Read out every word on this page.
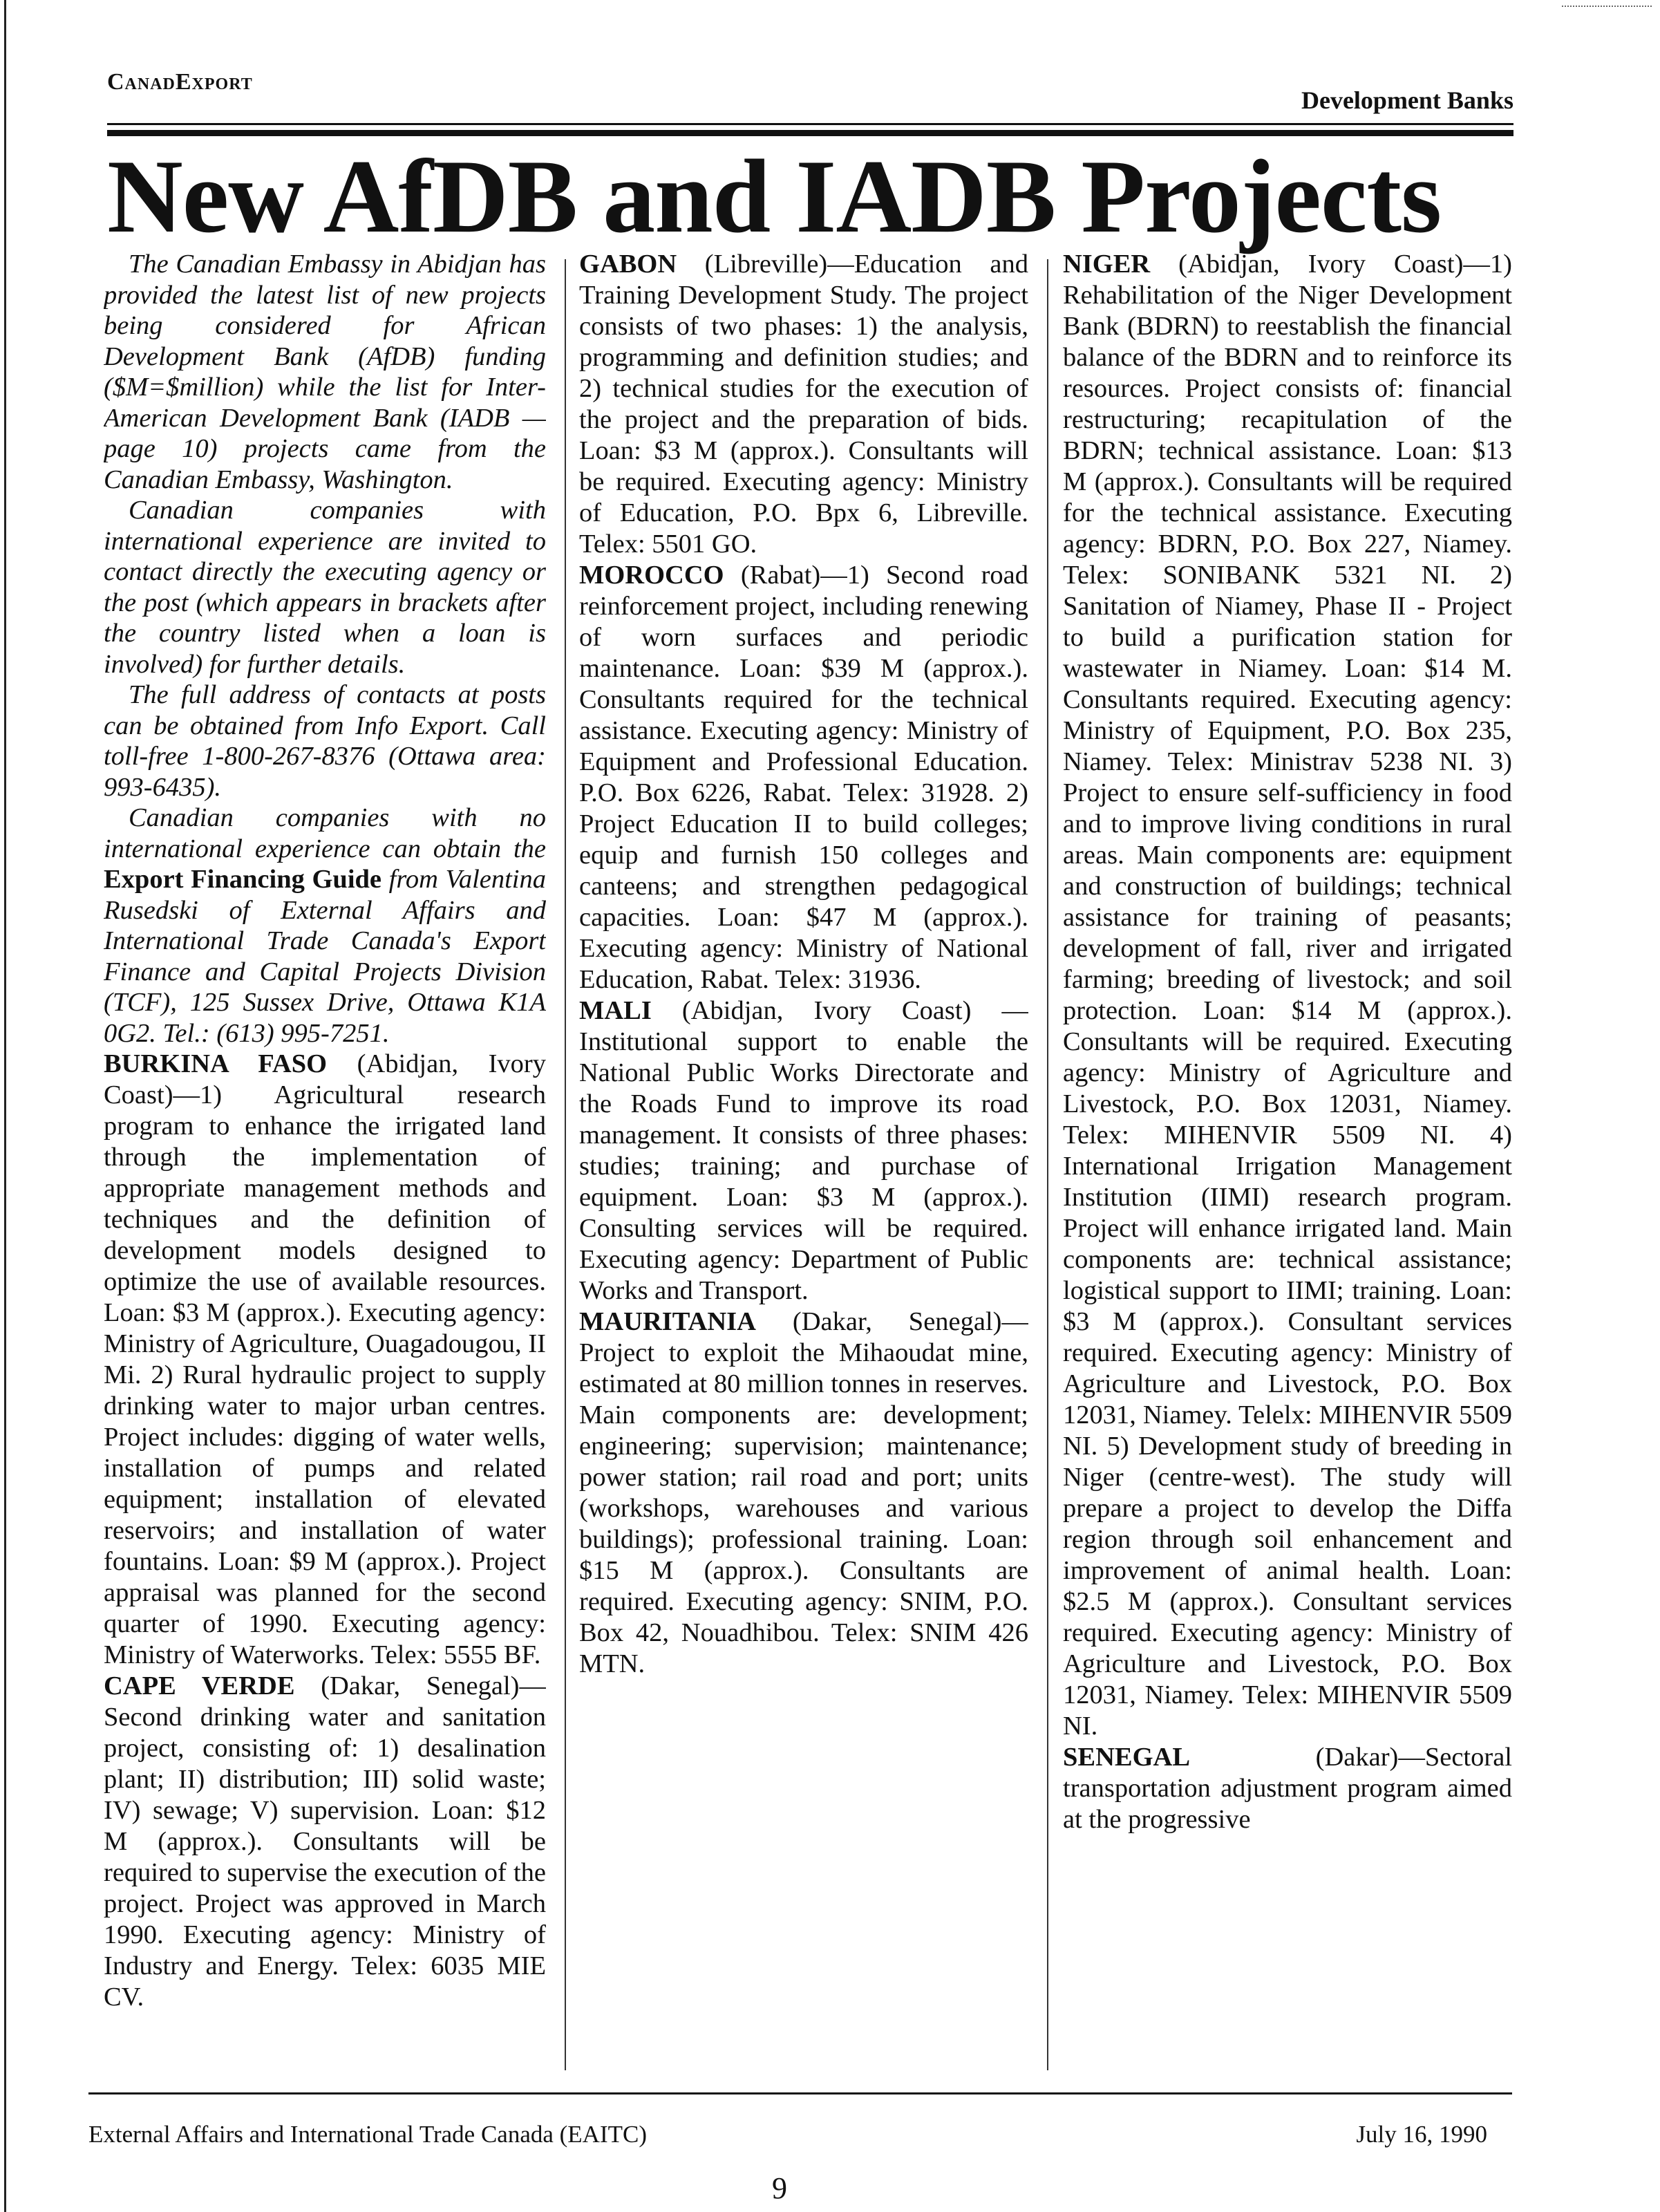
CanadExport
Development Banks
New AfDB and IADB Projects

The Canadian Embassy in Abidjan has provided the latest list of new projects being considered for African Development Bank (AfDB) funding ($M=$million) while the list for Inter-American Development Bank (IADB — page 10) projects came from the Canadian Embassy, Washington.

Canadian companies with international experience are invited to contact directly the executing agency or the post (which appears in brackets after the country listed when a loan is involved) for further details.

The full address of contacts at posts can be obtained from Info Export. Call toll-free 1-800-267-8376 (Ottawa area: 993-6435).

Canadian companies with no international experience can obtain the Export Financing Guide from Valentina Rusedski of External Affairs and International Trade Canada's Export Finance and Capital Projects Division (TCF), 125 Sussex Drive, Ottawa K1A 0G2. Tel.: (613) 995-7251.

BURKINA FASO (Abidjan, Ivory Coast)—1) Agricultural research program to enhance the irrigated land through the implementation of appropriate management methods and techniques and the definition of development models designed to optimize the use of available resources. Loan: $3 M (approx.). Executing agency: Ministry of Agriculture, Ouagadougou, II Mi. 2) Rural hydraulic project to supply drinking water to major urban centres. Project includes: digging of water wells, installation of pumps and related equipment; installation of elevated reservoirs; and installation of water fountains. Loan: $9 M (approx.). Project appraisal was planned for the second quarter of 1990. Executing agency: Ministry of Waterworks. Telex: 5555 BF.

CAPE VERDE (Dakar, Senegal)—Second drinking water and sanitation project, consisting of: 1) desalination plant; II) distribution; III) solid waste; IV) sewage; V) supervision. Loan: $12 M (approx.). Consultants will be required to supervise the execution of the project. Project was approved in March 1990. Executing agency: Ministry of Industry and Energy. Telex: 6035 MIE CV.

GABON (Libreville)—Education and Training Development Study. The project consists of two phases: 1) the analysis, programming and definition studies; and 2) technical studies for the execution of the project and the preparation of bids. Loan: $3 M (approx.). Consultants will be required. Executing agency: Ministry of Education, P.O. Bpx 6, Libreville. Telex: 5501 GO.

MOROCCO (Rabat)—1) Second road reinforcement project, including renewing of worn surfaces and periodic maintenance. Loan: $39 M (approx.). Consultants required for the technical assistance. Executing agency: Ministry of Equipment and Professional Education. P.O. Box 6226, Rabat. Telex: 31928. 2) Project Education II to build colleges; equip and furnish 150 colleges and canteens; and strengthen pedagogical capacities. Loan: $47 M (approx.). Executing agency: Ministry of National Education, Rabat. Telex: 31936.

MALI (Abidjan, Ivory Coast) — Institutional support to enable the National Public Works Directorate and the Roads Fund to improve its road management. It consists of three phases: studies; training; and purchase of equipment. Loan: $3 M (approx.). Consulting services will be required. Executing agency: Department of Public Works and Transport.

MAURITANIA (Dakar, Senegal)—Project to exploit the Mihaoudat mine, estimated at 80 million tonnes in reserves. Main components are: development; engineering; supervision; maintenance; power station; rail road and port; units (workshops, warehouses and various buildings); professional training. Loan: $15 M (approx.). Consultants are required. Executing agency: SNIM, P.O. Box 42, Nouadhibou. Telex: SNIM 426 MTN.

NIGER (Abidjan, Ivory Coast)—1) Rehabilitation of the Niger Development Bank (BDRN) to reestablish the financial balance of the BDRN and to reinforce its resources. Project consists of: financial restructuring; recapitulation of the BDRN; technical assistance. Loan: $13 M (approx.). Consultants will be required for the technical assistance. Executing agency: BDRN, P.O. Box 227, Niamey. Telex: SONIBANK 5321 NI. 2) Sanitation of Niamey, Phase II - Project to build a purification station for wastewater in Niamey. Loan: $14 M. Consultants required. Executing agency: Ministry of Equipment, P.O. Box 235, Niamey. Telex: Ministrav 5238 NI. 3) Project to ensure self-sufficiency in food and to improve living conditions in rural areas. Main components are: equipment and construction of buildings; technical assistance for training of peasants; development of fall, river and irrigated farming; breeding of livestock; and soil protection. Loan: $14 M (approx.). Consultants will be required. Executing agency: Ministry of Agriculture and Livestock, P.O. Box 12031, Niamey. Telex: MIHENVIR 5509 NI. 4) International Irrigation Management Institution (IIMI) research program. Project will enhance irrigated land. Main components are: technical assistance; logistical support to IIMI; training. Loan: $3 M (approx.). Consultant services required. Executing agency: Ministry of Agriculture and Livestock, P.O. Box 12031, Niamey. Telelx: MIHENVIR 5509 NI. 5) Development study of breeding in Niger (centre-west). The study will prepare a project to develop the Diffa region through soil enhancement and improvement of animal health. Loan: $2.5 M (approx.). Consultant services required. Executing agency: Ministry of Agriculture and Livestock, P.O. Box 12031, Niamey. Telex: MIHENVIR 5509 NI.

SENEGAL	(Dakar)—Sectoral transportation adjustment program aimed at the progressive

External Affairs and International Trade Canada (EAITC)	July 16, 1990
9
